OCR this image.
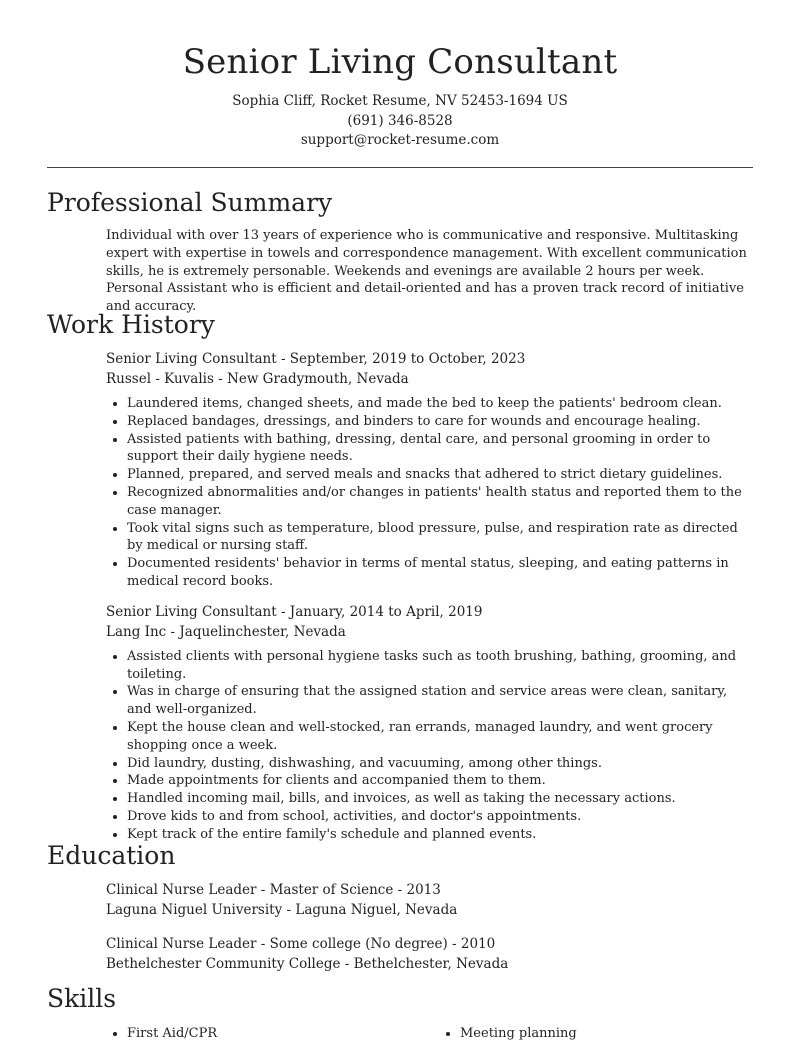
Senior Living Consultant
Sophia Cliff, Rocket Resume, NV 52453-1694 US
(691) 346-8528
support@rocket-resume.com
Professional Summary
Individual with over 13 years of experience who is communicative and responsive. Multitasking expert with expertise in towels and correspondence management. With excellent communication skills, he is extremely personable. Weekends and evenings are available 2 hours per week. Personal Assistant who is efficient and detail-oriented and has a proven track record of initiative and accuracy.
Work History
Senior Living Consultant - September, 2019 to October, 2023
Russel - Kuvalis - New Gradymouth, Nevada
• Laundered items, changed sheets, and made the bed to keep the patients' bedroom clean.
• Replaced bandages, dressings, and binders to care for wounds and encourage healing.
• Assisted patients with bathing, dressing, dental care, and personal grooming in order to support their daily hygiene needs.
• Planned, prepared, and served meals and snacks that adhered to strict dietary guidelines.
• Recognized abnormalities and/or changes in patients' health status and reported them to the case manager.
• Took vital signs such as temperature, blood pressure, pulse, and respiration rate as directed by medical or nursing staff.
• Documented residents' behavior in terms of mental status, sleeping, and eating patterns in medical record books.
Senior Living Consultant - January, 2014 to April, 2019
Lang Inc - Jaquelinchester, Nevada
• Assisted clients with personal hygiene tasks such as tooth brushing, bathing, grooming, and toileting.
• Was in charge of ensuring that the assigned station and service areas were clean, sanitary, and well-organized.
• Kept the house clean and well-stocked, ran errands, managed laundry, and went grocery shopping once a week.
• Did laundry, dusting, dishwashing, and vacuuming, among other things.
• Made appointments for clients and accompanied them to them.
• Handled incoming mail, bills, and invoices, as well as taking the necessary actions.
• Drove kids to and from school, activities, and doctor's appointments.
• Kept track of the entire family's schedule and planned events.
Education
Clinical Nurse Leader - Master of Science - 2013
Laguna Niguel University - Laguna Niguel, Nevada
Clinical Nurse Leader - Some college (No degree) - 2010
Bethelchester Community College - Bethelchester, Nevada
Skills
• First Aid/CPR
•	Meeting planning
